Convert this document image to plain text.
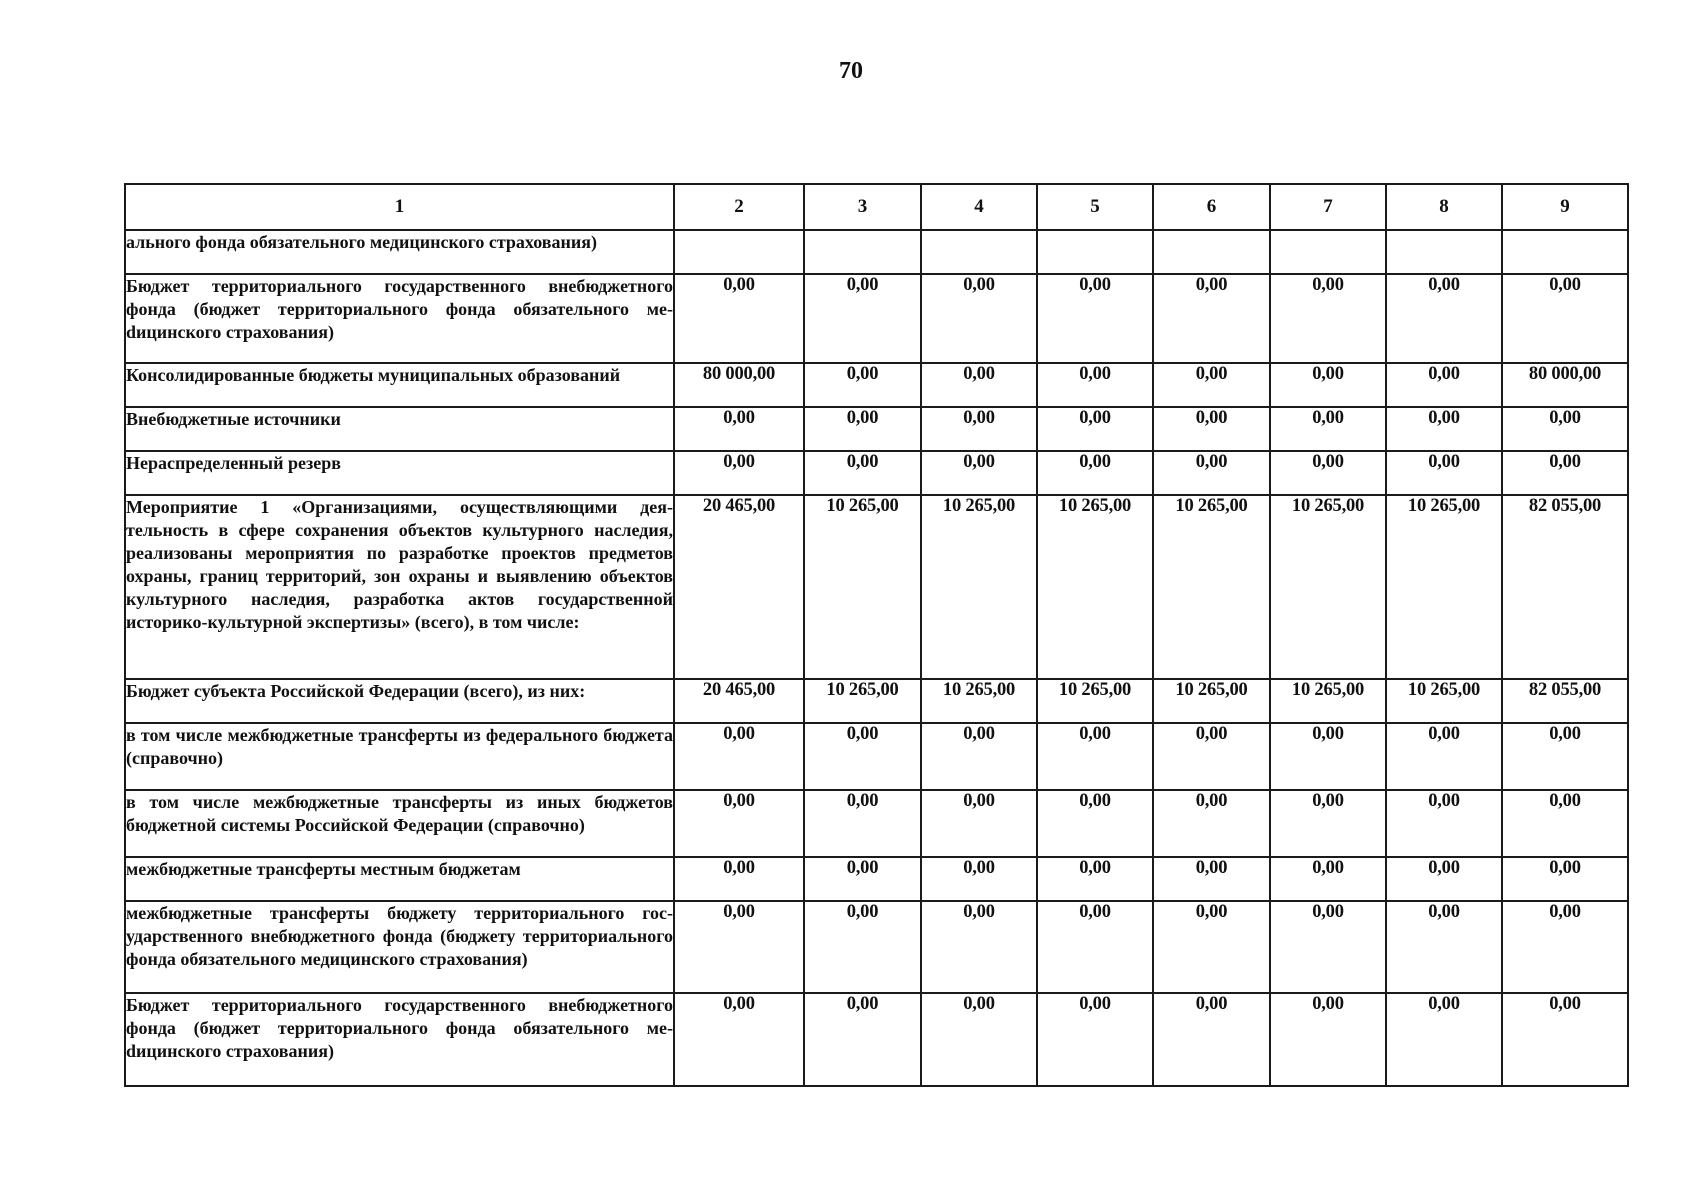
70
1	2	3	4	5	6	7	8	9
ального фонда обязательного медицинского страхования)								
Бюджет территориального государственного внебюджетного фонда (бюджет территориального фонда обязательного меdицинского страхования)	0,00	0,00	0,00	0,00	0,00	0,00	0,00	0,00
Консолидированные бюджеты муниципальных образований	80 000,00	0,00	0,00	0,00	0,00	0,00	0,00	80 000,00
Внебюджетные источники	0,00	0,00	0,00	0,00	0,00	0,00	0,00	0,00
Нераспределенный резерв	0,00	0,00	0,00	0,00	0,00	0,00	0,00	0,00
Мероприятие 1 «Организациями, осуществляющими деятельность в сфере сохранения объектов культурного наследия, реализованы мероприятия по разработке проектов предметов охраны, границ территорий, зон охраны и выявлению объектов культурного наследия, разработка актов государственной историко-культурной экспертизы» (всего), в том числе:	20 465,00	10 265,00	10 265,00	10 265,00	10 265,00	10 265,00	10 265,00	82 055,00
Бюджет субъекта Российской Федерации (всего), из них:	20 465,00	10 265,00	10 265,00	10 265,00	10 265,00	10 265,00	10 265,00	82 055,00
в том числе межбюджетные трансферты из федерального бюджета (справочно)	0,00	0,00	0,00	0,00	0,00	0,00	0,00	0,00
в том числе межбюджетные трансферты из иных бюджетов бюджетной системы Российской Федерации (справочно)	0,00	0,00	0,00	0,00	0,00	0,00	0,00	0,00
межбюджетные трансферты местным бюджетам	0,00	0,00	0,00	0,00	0,00	0,00	0,00	0,00
межбюджетные трансферты бюджету территориального государственного внебюджетного фонда (бюджету территориального фонда обязательного медицинского страхования)	0,00	0,00	0,00	0,00	0,00	0,00	0,00	0,00
Бюджет территориального государственного внебюджетного фонда (бюджет территориального фонда обязательного меdицинского страхования)	0,00	0,00	0,00	0,00	0,00	0,00	0,00	0,00
